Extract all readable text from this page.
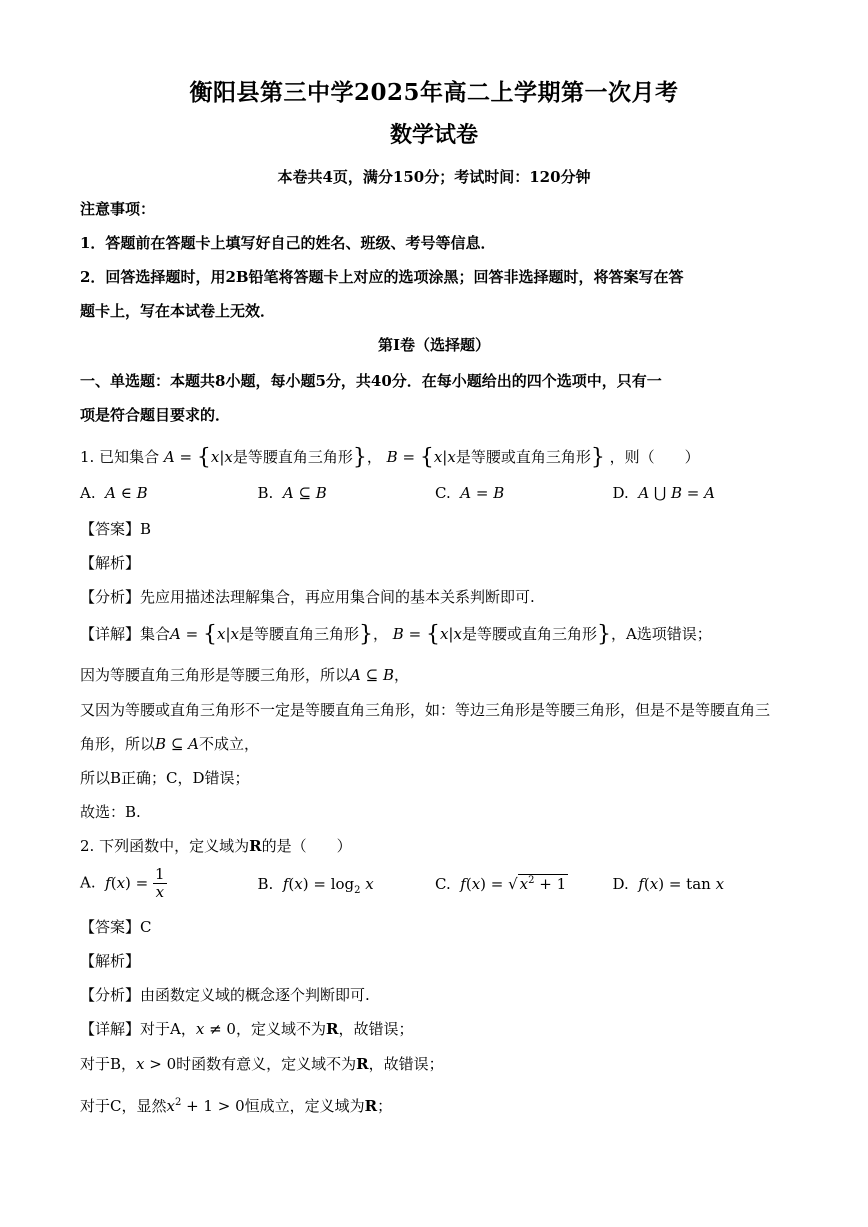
衡阳县第三中学2025年高二上学期第一次月考
数学试卷
本卷共4页，满分150分；考试时间：120分钟
注意事项：
1．答题前在答题卡上填写好自己的姓名、班级、考号等信息．
2．回答选择题时，用2B铅笔将答题卡上对应的选项涂黑；回答非选择题时，将答案写在答
题卡上，写在本试卷上无效．
第Ⅰ卷（选择题）
一、单选题：本题共8小题，每小题5分，共40分．在每小题给出的四个选项中，只有一
项是符合题目要求的．
1. 已知集合 A = {x|x是等腰直角三角形}， B = {x|x是等腰或直角三角形} ，则（　　）
A. A ∈ B	B. A ⊆ B	C. A = B	D. A ⋃ B = A
【答案】B
【解析】
【分析】先应用描述法理解集合，再应用集合间的基本关系判断即可.
【详解】集合A = {x|x是等腰直角三角形}， B = {x|x是等腰或直角三角形}，A选项错误；
因为等腰直角三角形是等腰三角形，所以A ⊆ B，
又因为等腰或直角三角形不一定是等腰直角三角形，如：等边三角形是等腰三角形，但是不是等腰直角三
角形，所以B ⊆ A不成立，
所以B正确；C，D错误；
故选：B.
2. 下列函数中，定义域为R的是（　　）
A. $f(x) = \frac{1}{x}$	B. $f(x) = \log_2 x$	C. f(x) = √ $x^2 + 1$	D. f(x) = tan x
【答案】C
【解析】
【分析】由函数定义域的概念逐个判断即可.
【详解】对于A，x ≠ 0，定义域不为R，故错误；
对于B，x > 0时函数有意义，定义域不为R，故错误；
对于C，显然$x^2 + 1 > 0$恒成立，定义域为R；
